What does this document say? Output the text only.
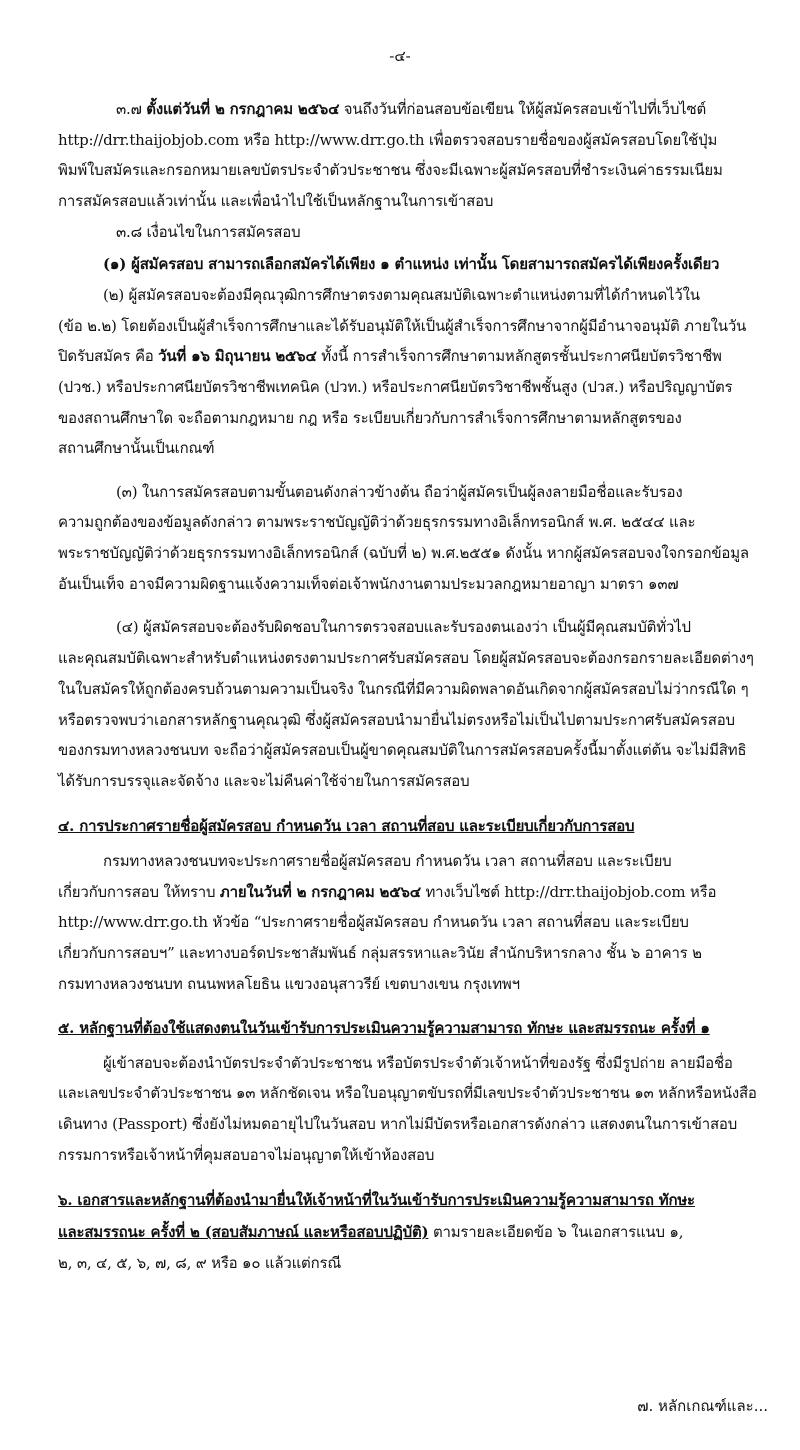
-๔-
๓.๗ ตั้งแต่วันที่ ๒ กรกฎาคม ๒๕๖๔ จนถึงวันที่ก่อนสอบข้อเขียน ให้ผู้สมัครสอบเข้าไปที่เว็บไซต์
http://drr.thaijobjob.com หรือ http://www.drr.go.th เพื่อตรวจสอบรายชื่อของผู้สมัครสอบโดยใช้ปุ่ม
พิมพ์ใบสมัครและกรอกหมายเลขบัตรประจำตัวประชาชน ซึ่งจะมีเฉพาะผู้สมัครสอบที่ชำระเงินค่าธรรมเนียม
การสมัครสอบแล้วเท่านั้น และเพื่อนำไปใช้เป็นหลักฐานในการเข้าสอบ
๓.๘ เงื่อนไขในการสมัครสอบ
(๑) ผู้สมัครสอบ สามารถเลือกสมัครได้เพียง ๑ ตำแหน่ง เท่านั้น โดยสามารถสมัครได้เพียงครั้งเดียว
(๒) ผู้สมัครสอบจะต้องมีคุณวุฒิการศึกษาตรงตามคุณสมบัติเฉพาะตำแหน่งตามที่ได้กำหนดไว้ใน
(ข้อ ๒.๒) โดยต้องเป็นผู้สำเร็จการศึกษาและได้รับอนุมัติให้เป็นผู้สำเร็จการศึกษาจากผู้มีอำนาจอนุมัติ ภายในวัน
ปิดรับสมัคร คือ วันที่ ๑๖ มิถุนายน ๒๕๖๔ ทั้งนี้ การสำเร็จการศึกษาตามหลักสูตรชั้นประกาศนียบัตรวิชาชีพ
(ปวช.) หรือประกาศนียบัตรวิชาชีพเทคนิค (ปวท.) หรือประกาศนียบัตรวิชาชีพชั้นสูง (ปวส.) หรือปริญญาบัตร
ของสถานศึกษาใด จะถือตามกฎหมาย กฎ หรือ ระเบียบเกี่ยวกับการสำเร็จการศึกษาตามหลักสูตรของ
สถานศึกษานั้นเป็นเกณฑ์
(๓) ในการสมัครสอบตามขั้นตอนดังกล่าวข้างต้น ถือว่าผู้สมัครเป็นผู้ลงลายมือชื่อและรับรอง
ความถูกต้องของข้อมูลดังกล่าว ตามพระราชบัญญัติว่าด้วยธุรกรรมทางอิเล็กทรอนิกส์ พ.ศ. ๒๕๔๔ และ
พระราชบัญญัติว่าด้วยธุรกรรมทางอิเล็กทรอนิกส์ (ฉบับที่ ๒) พ.ศ.๒๕๕๑ ดังนั้น หากผู้สมัครสอบจงใจกรอกข้อมูล
อันเป็นเท็จ อาจมีความผิดฐานแจ้งความเท็จต่อเจ้าพนักงานตามประมวลกฎหมายอาญา มาตรา ๑๓๗
(๔) ผู้สมัครสอบจะต้องรับผิดชอบในการตรวจสอบและรับรองตนเองว่า เป็นผู้มีคุณสมบัติทั่วไป
และคุณสมบัติเฉพาะสำหรับตำแหน่งตรงตามประกาศรับสมัครสอบ โดยผู้สมัครสอบจะต้องกรอกรายละเอียดต่างๆ
ในใบสมัครให้ถูกต้องครบถ้วนตามความเป็นจริง ในกรณีที่มีความผิดพลาดอันเกิดจากผู้สมัครสอบไม่ว่ากรณีใด ๆ
หรือตรวจพบว่าเอกสารหลักฐานคุณวุฒิ ซึ่งผู้สมัครสอบนำมายื่นไม่ตรงหรือไม่เป็นไปตามประกาศรับสมัครสอบ
ของกรมทางหลวงชนบท จะถือว่าผู้สมัครสอบเป็นผู้ขาดคุณสมบัติในการสมัครสอบครั้งนี้มาตั้งแต่ต้น จะไม่มีสิทธิ
ได้รับการบรรจุและจัดจ้าง และจะไม่คืนค่าใช้จ่ายในการสมัครสอบ
๔. การประกาศรายชื่อผู้สมัครสอบ กำหนดวัน เวลา สถานที่สอบ และระเบียบเกี่ยวกับการสอบ
กรมทางหลวงชนบทจะประกาศรายชื่อผู้สมัครสอบ กำหนดวัน เวลา สถานที่สอบ และระเบียบ
เกี่ยวกับการสอบ ให้ทราบ ภายในวันที่ ๒ กรกฎาคม ๒๕๖๔ ทางเว็บไซต์ http://drr.thaijobjob.com หรือ
http://www.drr.go.th หัวข้อ “ประกาศรายชื่อผู้สมัครสอบ กำหนดวัน เวลา สถานที่สอบ และระเบียบ
เกี่ยวกับการสอบฯ” และทางบอร์ดประชาสัมพันธ์ กลุ่มสรรหาและวินัย สำนักบริหารกลาง ชั้น ๖ อาคาร ๒
กรมทางหลวงชนบท ถนนพหลโยธิน แขวงอนุสาวรีย์ เขตบางเขน กรุงเทพฯ
๕. หลักฐานที่ต้องใช้แสดงตนในวันเข้ารับการประเมินความรู้ความสามารถ ทักษะ และสมรรถนะ ครั้งที่ ๑
ผู้เข้าสอบจะต้องนำบัตรประจำตัวประชาชน หรือบัตรประจำตัวเจ้าหน้าที่ของรัฐ ซึ่งมีรูปถ่าย ลายมือชื่อ
และเลขประจำตัวประชาชน ๑๓ หลักชัดเจน หรือใบอนุญาตขับรถที่มีเลขประจำตัวประชาชน ๑๓ หลักหรือหนังสือ
เดินทาง (Passport) ซึ่งยังไม่หมดอายุไปในวันสอบ หากไม่มีบัตรหรือเอกสารดังกล่าว แสดงตนในการเข้าสอบ
กรรมการหรือเจ้าหน้าที่คุมสอบอาจไม่อนุญาตให้เข้าห้องสอบ
๖. เอกสารและหลักฐานที่ต้องนำมายื่นให้เจ้าหน้าที่ในวันเข้ารับการประเมินความรู้ความสามารถ ทักษะ
และสมรรถนะ ครั้งที่ ๒ (สอบสัมภาษณ์ และหรือสอบปฏิบัติ) ตามรายละเอียดข้อ ๖ ในเอกสารแนบ ๑,
๒, ๓, ๔, ๕, ๖, ๗, ๘, ๙ หรือ ๑๐ แล้วแต่กรณี
๗. หลักเกณฑ์และ...
